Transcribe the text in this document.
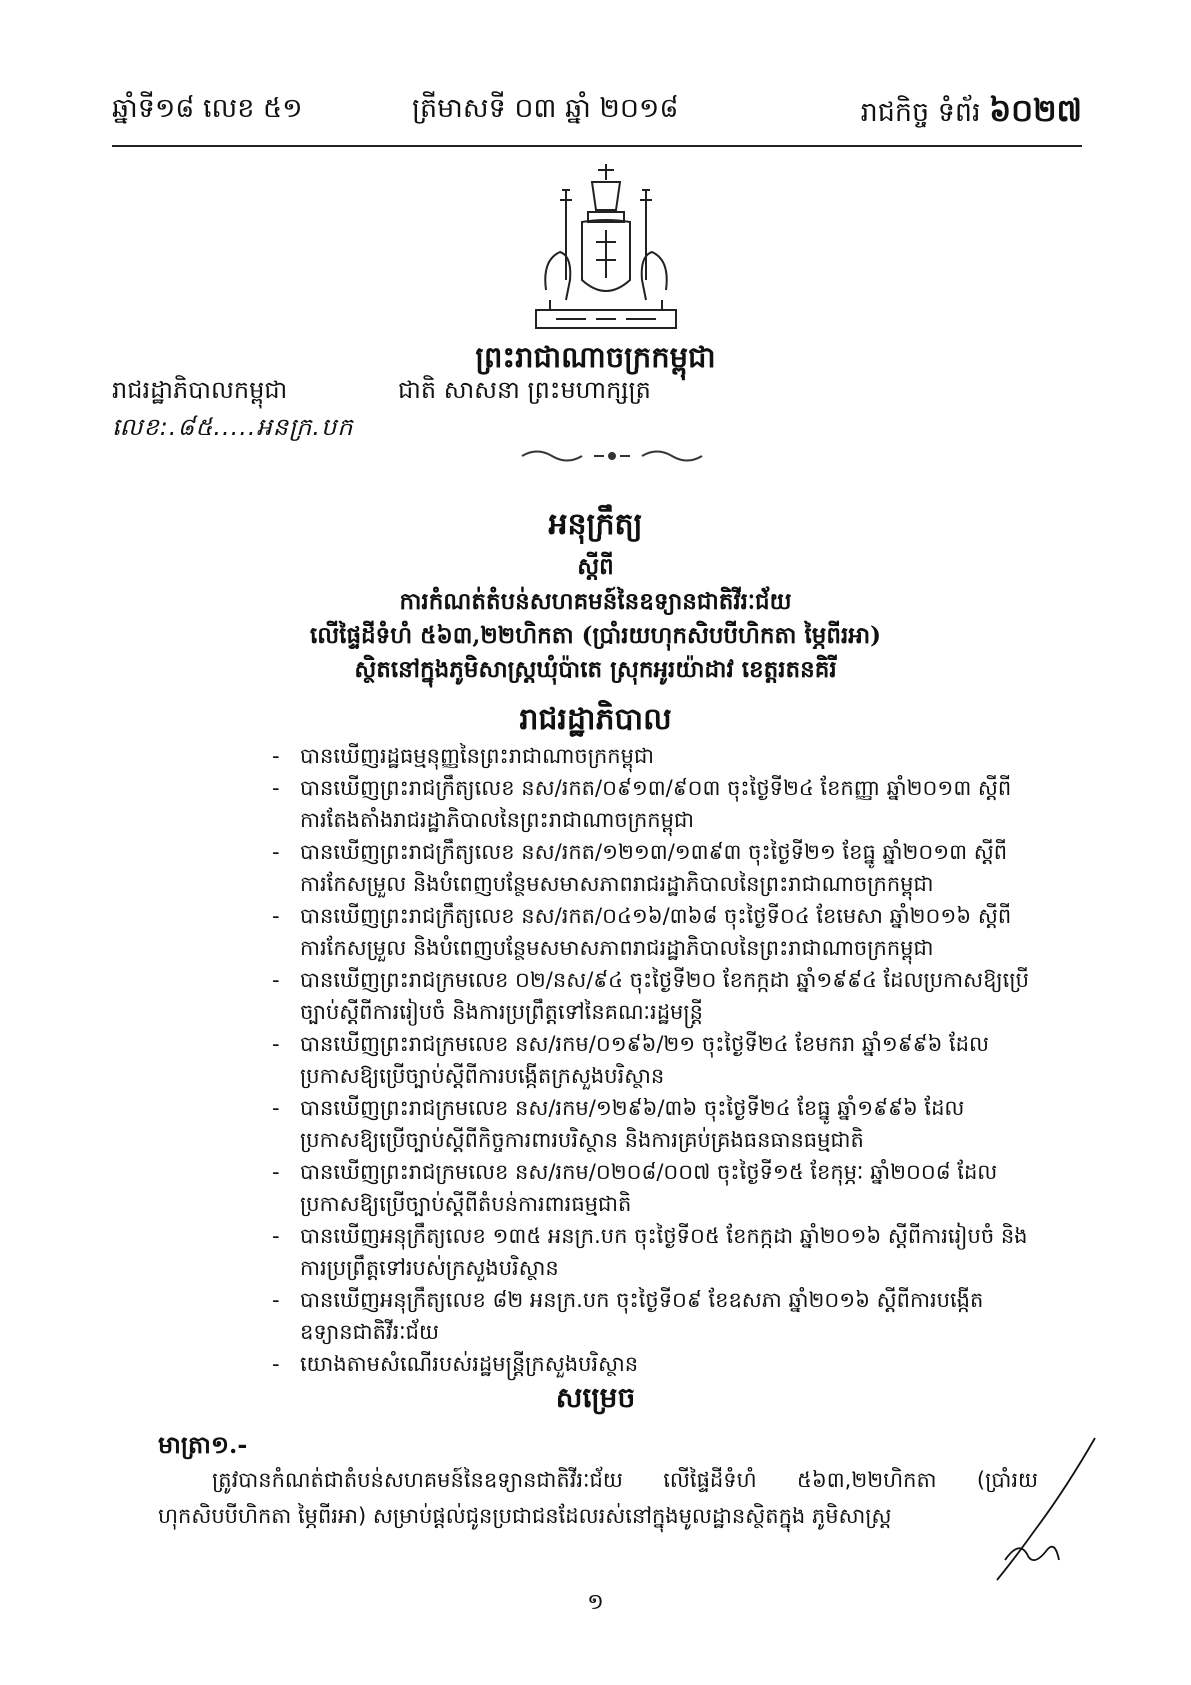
ឆ្នាំទី១៨ លេខ ៥១	ត្រីមាសទី ០៣ ឆ្នាំ ២០១៨	រាជកិច្ច ទំព័រ ៦០២៧
ព្រះរាជាណាចក្រកម្ពុជា
រាជរដ្ឋាភិបាលកម្ពុជា	ជាតិ សាសនា ព្រះមហាក្សត្រ
លេខ:.៨៥.....អនក្រ.បក
អនុក្រឹត្យ
ស្តីពី
ការកំណត់តំបន់សហគមន៍នៃឧទ្យានជាតិវីរៈជ័យ
លើផ្ទៃដីទំហំ ៥៦៣,២២ហិកតា (ប្រាំរយហុកសិបបីហិកតា ម្ភៃពីរអា)
ស្ថិតនៅក្នុងភូមិសាស្ត្រឃុំប៉ាតេ ស្រុកអូរយ៉ាដាវ ខេត្តរតនគិរី
រាជរដ្ឋាភិបាល
- បានឃើញរដ្ឋធម្មនុញ្ញនៃព្រះរាជាណាចក្រកម្ពុជា
- បានឃើញព្រះរាជក្រឹត្យលេខ នស/រកត/០៩១៣/៩០៣ ចុះថ្ងៃទី២៤ ខែកញ្ញា ឆ្នាំ២០១៣ ស្តីពីការតែងតាំងរាជរដ្ឋាភិបាលនៃព្រះរាជាណាចក្រកម្ពុជា
- បានឃើញព្រះរាជក្រឹត្យលេខ នស/រកត/១២១៣/១៣៩៣ ចុះថ្ងៃទី២១ ខែធ្នូ ឆ្នាំ២០១៣ ស្តីពីការកែសម្រួល និងបំពេញបន្ថែមសមាសភាពរាជរដ្ឋាភិបាលនៃព្រះរាជាណាចក្រកម្ពុជា
- បានឃើញព្រះរាជក្រឹត្យលេខ នស/រកត/០៤១៦/៣៦៨ ចុះថ្ងៃទី០៤ ខែមេសា ឆ្នាំ២០១៦ ស្តីពីការកែសម្រួល និងបំពេញបន្ថែមសមាសភាពរាជរដ្ឋាភិបាលនៃព្រះរាជាណាចក្រកម្ពុជា
- បានឃើញព្រះរាជក្រមលេខ ០២/នស/៩៤ ចុះថ្ងៃទី២០ ខែកក្កដា ឆ្នាំ១៩៩៤ ដែលប្រកាសឱ្យប្រើច្បាប់ស្តីពីការរៀបចំ និងការប្រព្រឹត្តទៅនៃគណៈរដ្ឋមន្ត្រី
- បានឃើញព្រះរាជក្រមលេខ នស/រកម/០១៩៦/២១ ចុះថ្ងៃទី២៤ ខែមករា ឆ្នាំ១៩៩៦ ដែលប្រកាសឱ្យប្រើច្បាប់ស្តីពីការបង្កើតក្រសួងបរិស្ថាន
- បានឃើញព្រះរាជក្រមលេខ នស/រកម/១២៩៦/៣៦ ចុះថ្ងៃទី២៤ ខែធ្នូ ឆ្នាំ១៩៩៦ ដែលប្រកាសឱ្យប្រើច្បាប់ស្តីពីកិច្ចការពារបរិស្ថាន និងការគ្រប់គ្រងធនធានធម្មជាតិ
- បានឃើញព្រះរាជក្រមលេខ នស/រកម/០២០៨/០០៧ ចុះថ្ងៃទី១៥ ខែកុម្ភៈ ឆ្នាំ២០០៨ ដែលប្រកាសឱ្យប្រើច្បាប់ស្តីពីតំបន់ការពារធម្មជាតិ
- បានឃើញអនុក្រឹត្យលេខ ១៣៥ អនក្រ.បក ចុះថ្ងៃទី០៥ ខែកក្កដា ឆ្នាំ២០១៦ ស្តីពីការរៀបចំ និងការប្រព្រឹត្តទៅរបស់ក្រសួងបរិស្ថាន
- បានឃើញអនុក្រឹត្យលេខ ៨២ អនក្រ.បក ចុះថ្ងៃទី០៩ ខែឧសភា ឆ្នាំ២០១៦ ស្តីពីការបង្កើតឧទ្យានជាតិវីរៈជ័យ
- យោងតាមសំណើរបស់រដ្ឋមន្ត្រីក្រសួងបរិស្ថាន
សម្រេច
មាត្រា១.-
ត្រូវបានកំណត់ជាតំបន់សហគមន៍នៃឧទ្យានជាតិវីរៈជ័យ លើផ្ទៃដីទំហំ ៥៦៣,២២ហិកតា (ប្រាំរយហុកសិបបីហិកតា ម្ភៃពីរអា) សម្រាប់ផ្តល់ជូនប្រជាជនដែលរស់នៅក្នុងមូលដ្ឋានស្ថិតក្នុង ភូមិសាស្ត្រ
១
